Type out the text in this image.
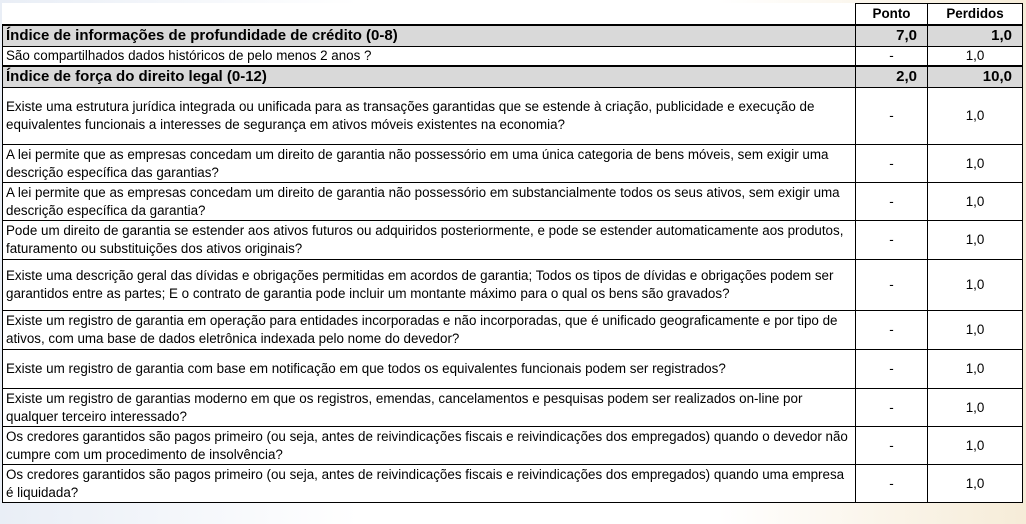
	Ponto	Perdidos
Índice de informações de profundidade de crédito (0-8)	7,0	1,0
São compartilhados dados históricos de pelo menos 2 anos ?	-	1,0
Índice de força do direito legal (0-12)	2,0	10,0
Existe uma estrutura jurídica integrada ou unificada para as transações garantidas que se estende à criação, publicidade e execução de equivalentes funcionais a interesses de segurança em ativos móveis existentes na economia?	-	1,0
A lei permite que as empresas concedam um direito de garantia não possessório em uma única categoria de bens móveis, sem exigir uma descrição específica das garantias?	-	1,0
A lei permite que as empresas concedam um direito de garantia não possessório em substancialmente todos os seus ativos, sem exigir uma descrição específica da garantia?	-	1,0
Pode um direito de garantia se estender aos ativos futuros ou adquiridos posteriormente, e pode se estender automaticamente aos produtos, faturamento ou substituições dos ativos originais?	-	1,0
Existe uma descrição geral das dívidas e obrigações permitidas em acordos de garantia; Todos os tipos de dívidas e obrigações podem ser garantidos entre as partes; E o contrato de garantia pode incluir um montante máximo para o qual os bens são gravados?	-	1,0
Existe um registro de garantia em operação para entidades incorporadas e não incorporadas, que é unificado geograficamente e por tipo de ativos, com uma base de dados eletrônica indexada pelo nome do devedor?	-	1,0
Existe um registro de garantia com base em notificação em que todos os equivalentes funcionais podem ser registrados?	-	1,0
Existe um registro de garantias moderno em que os registros, emendas, cancelamentos e pesquisas podem ser realizados on-line por qualquer terceiro interessado?	-	1,0
Os credores garantidos são pagos primeiro (ou seja, antes de reivindicações fiscais e reivindicações dos empregados) quando o devedor não cumpre com um procedimento de insolvência?	-	1,0
Os credores garantidos são pagos primeiro (ou seja, antes de reivindicações fiscais e reivindicações dos empregados) quando uma empresa é liquidada?	-	1,0
